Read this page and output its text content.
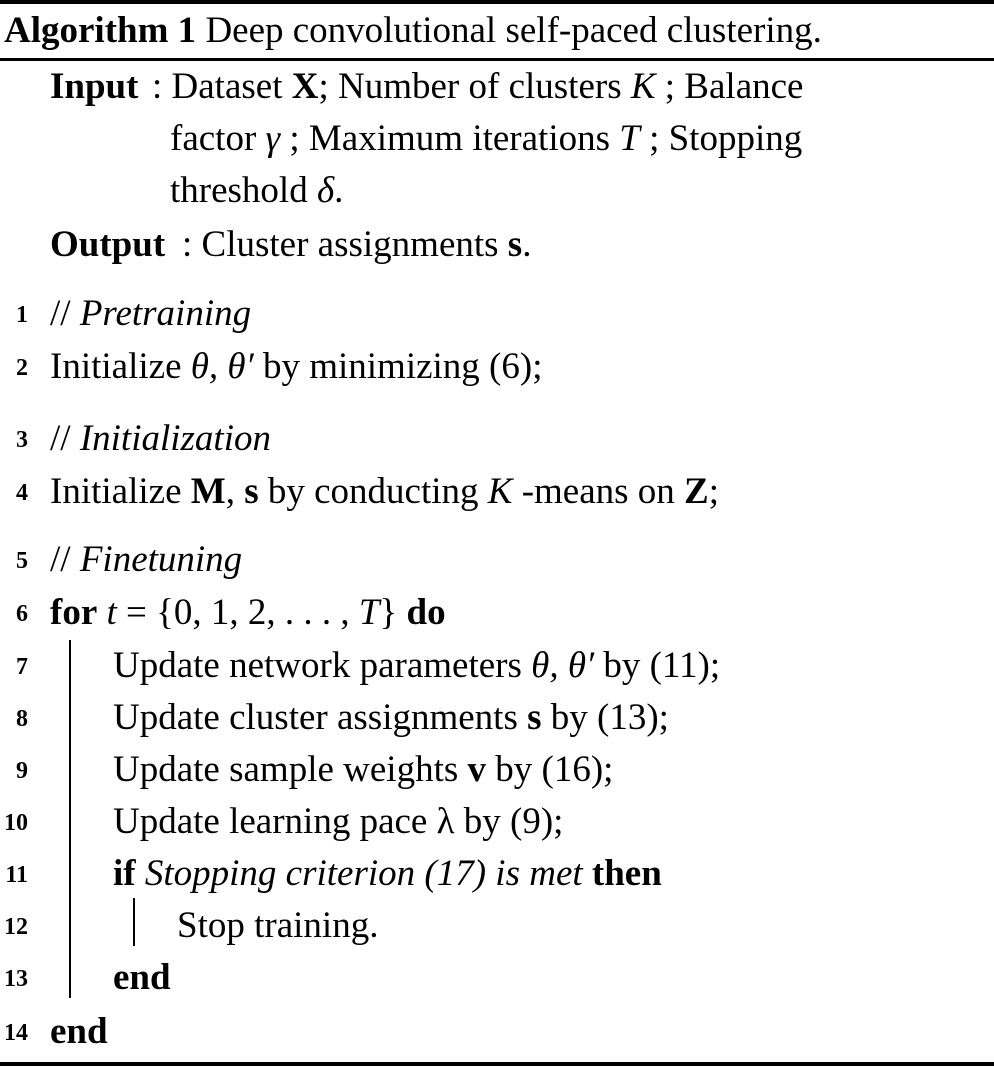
Algorithm 1 Deep convolutional self-paced clustering.
Input : Dataset X; Number of clusters K ; Balance
factor γ ; Maximum iterations T ; Stopping
threshold δ.
Output : Cluster assignments s.
1 // Pretraining
2 Initialize θ, θ′ by minimizing (6);
3 // Initialization
4 Initialize M, s by conducting K -means on Z;
5 // Finetuning
6 for t = {0, 1, 2, . . . , T} do
7 Update network parameters θ, θ′ by (11);
8 Update cluster assignments s by (13);
9 Update sample weights v by (16);
10 Update learning pace λ by (9);
11 if Stopping criterion (17) is met then
12	Stop training.
13 end
14 end
